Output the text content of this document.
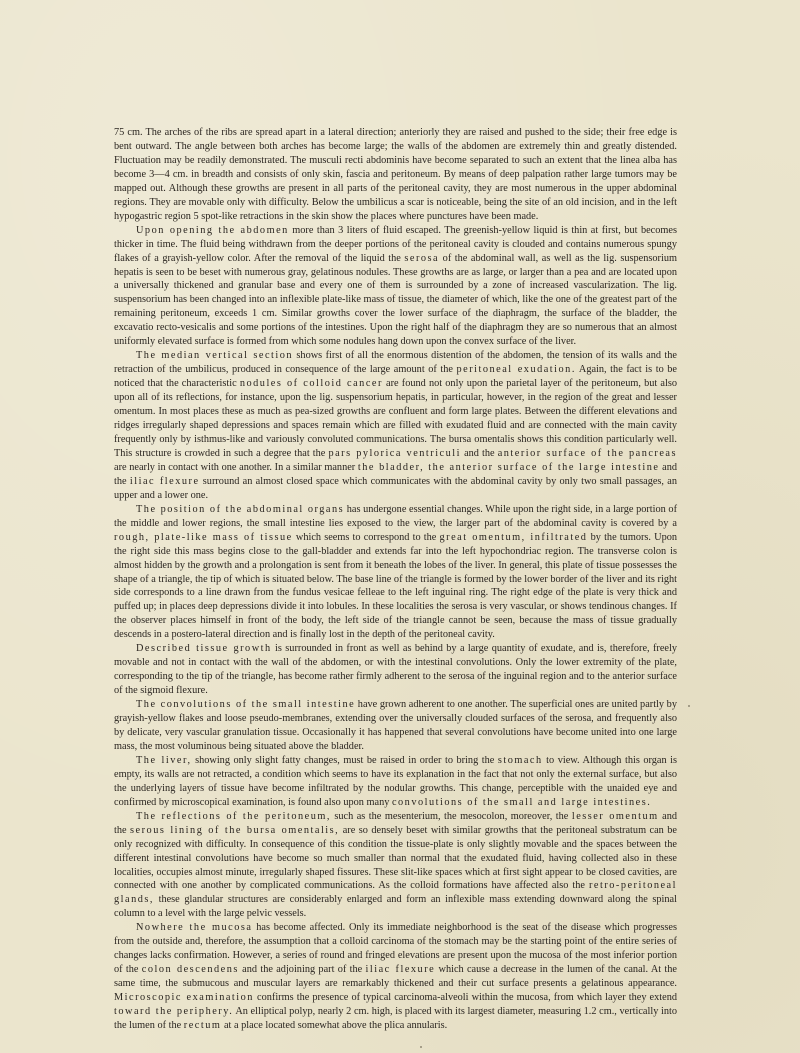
75 cm. The arches of the ribs are spread apart in a lateral direction; anteriorly they are raised and pushed to the side; their free edge is bent outward. The angle between both arches has become large; the walls of the abdomen are extremely thin and greatly distended. Fluctuation may be readily demonstrated. The musculi recti abdominis have become separated to such an extent that the linea alba has become 3—4 cm. in breadth and consists of only skin, fascia and peritoneum. By means of deep palpation rather large tumors may be mapped out. Although these growths are present in all parts of the peritoneal cavity, they are most numerous in the upper abdominal regions. They are movable only with difficulty. Below the umbilicus a scar is noticeable, being the site of an old incision, and in the left hypogastric region 5 spot-like retractions in the skin show the places where punctures have been made.

Upon opening the abdomen more than 3 liters of fluid escaped. The greenish-yellow liquid is thin at first, but becomes thicker in time. The fluid being withdrawn from the deeper portions of the peritoneal cavity is clouded and contains numerous spungy flakes of a grayish-yellow color. After the removal of the liquid the serosa of the abdominal wall, as well as the lig. suspensorium hepatis is seen to be beset with numerous gray, gelatinous nodules. These growths are as large, or larger than a pea and are located upon a universally thickened and granular base and every one of them is surrounded by a zone of increased vascularization. The lig. suspensorium has been changed into an inflexible plate-like mass of tissue, the diameter of which, like the one of the greatest part of the remaining peritoneum, exceeds 1 cm. Similar growths cover the lower surface of the diaphragm, the surface of the bladder, the excavatio recto-vesicalis and some portions of the intestines. Upon the right half of the diaphragm they are so numerous that an almost uniformly elevated surface is formed from which some nodules hang down upon the convex surface of the liver.

The median vertical section shows first of all the enormous distention of the abdomen, the tension of its walls and the retraction of the umbilicus, produced in consequence of the large amount of the peritoneal exudation. Again, the fact is to be noticed that the characteristic nodules of colloid cancer are found not only upon the parietal layer of the peritoneum, but also upon all of its reflections, for instance, upon the lig. suspensorium hepatis, in particular, however, in the region of the great and lesser omentum. In most places these as much as pea-sized growths are confluent and form large plates. Between the different elevations and ridges irregularly shaped depressions and spaces remain which are filled with exudated fluid and are connected with the main cavity frequently only by isthmus-like and variously convoluted communications. The bursa omentalis shows this condition particularly well. This structure is crowded in such a degree that the pars pylorica ventriculi and the anterior surface of the pancreas are nearly in contact with one another. In a similar manner the bladder, the anterior surface of the large intestine and the iliac flexure surround an almost closed space which communicates with the abdominal cavity by only two small passages, an upper and a lower one.

The position of the abdominal organs has undergone essential changes. While upon the right side, in a large portion of the middle and lower regions, the small intestine lies exposed to the view, the larger part of the abdominal cavity is covered by a rough, plate-like mass of tissue which seems to correspond to the great omentum, infiltrated by the tumors. Upon the right side this mass begins close to the gall-bladder and extends far into the left hypochondriac region. The transverse colon is almost hidden by the growth and a prolongation is sent from it beneath the lobes of the liver. In general, this plate of tissue possesses the shape of a triangle, the tip of which is situated below. The base line of the triangle is formed by the lower border of the liver and its right side corresponds to a line drawn from the fundus vesicae felleae to the left inguinal ring. The right edge of the plate is very thick and puffed up; in places deep depressions divide it into lobules. In these localities the serosa is very vascular, or shows tendinous changes. If the observer places himself in front of the body, the left side of the triangle cannot be seen, because the mass of tissue gradually descends in a postero-lateral direction and is finally lost in the depth of the peritoneal cavity.

Described tissue growth is surrounded in front as well as behind by a large quantity of exudate, and is, therefore, freely movable and not in contact with the wall of the abdomen, or with the intestinal convolutions. Only the lower extremity of the plate, corresponding to the tip of the triangle, has become rather firmly adherent to the serosa of the inguinal region and to the anterior surface of the sigmoid flexure.

The convolutions of the small intestine have grown adherent to one another. The superficial ones are united partly by grayish-yellow flakes and loose pseudo-membranes, extending over the universally clouded surfaces of the serosa, and frequently also by delicate, very vascular granulation tissue. Occasionally it has happened that several convolutions have become united into one large mass, the most voluminous being situated above the bladder.

The liver, showing only slight fatty changes, must be raised in order to bring the stomach to view. Although this organ is empty, its walls are not retracted, a condition which seems to have its explanation in the fact that not only the external surface, but also the underlying layers of tissue have become infiltrated by the nodular growths. This change, perceptible with the unaided eye and confirmed by microscopical examination, is found also upon many convolutions of the small and large intestines.

The reflections of the peritoneum, such as the mesenterium, the mesocolon, moreover, the lesser omentum and the serous lining of the bursa omentalis, are so densely beset with similar growths that the peritoneal substratum can be only recognized with difficulty. In consequence of this condition the tissue-plate is only slightly movable and the spaces between the different intestinal convolutions have become so much smaller than normal that the exudated fluid, having collected also in these localities, occupies almost minute, irregularly shaped fissures. These slit-like spaces which at first sight appear to be closed cavities, are connected with one another by complicated communications. As the colloid formations have affected also the retro-peritoneal glands, these glandular structures are considerably enlarged and form an inflexible mass extending downward along the spinal column to a level with the large pelvic vessels.

Nowhere the mucosa has become affected. Only its immediate neighborhood is the seat of the disease which progresses from the outside and, therefore, the assumption that a colloid carcinoma of the stomach may be the starting point of the entire series of changes lacks confirmation. However, a series of round and fringed elevations are present upon the mucosa of the most inferior portion of the colon descendens and the adjoining part of the iliac flexure which cause a decrease in the lumen of the canal. At the same time, the submucous and muscular layers are remarkably thickened and their cut surface presents a gelatinous appearance. Microscopic examination confirms the presence of typical carcinoma-alveoli within the mucosa, from which layer they extend toward the periphery. An elliptical polyp, nearly 2 cm. high, is placed with its largest diameter, measuring 1.2 cm., vertically into the lumen of the rectum at a place located somewhat above the plica annularis.
